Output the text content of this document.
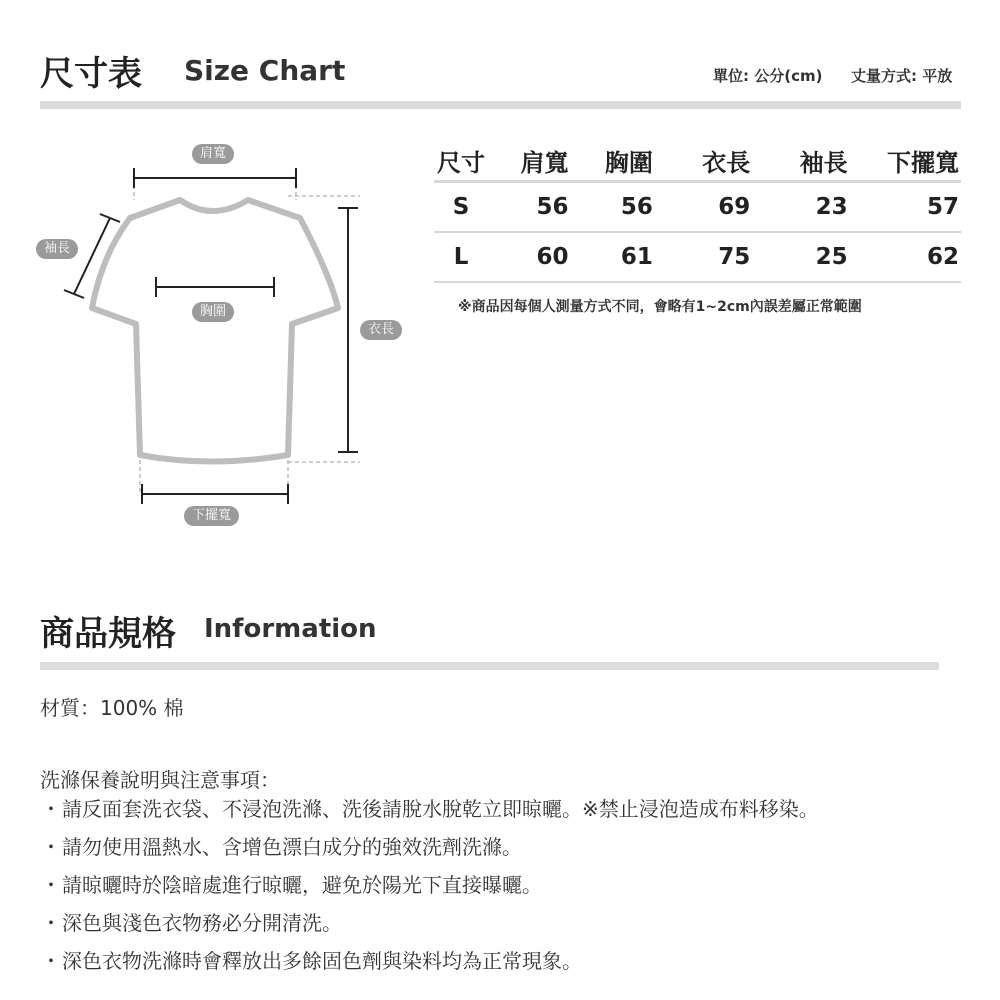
尺寸表 Size Chart	單位: 公分(cm) 丈量方式: 平放
肩寬
袖長
胸圍
衣長
下擺寬
尺寸	肩寬	胸圍	衣長	袖長	下擺寬
S	56	56	69	23	57
L	60	61	75	25	62
※商品因每個人測量方式不同，會略有1~2cm內誤差屬正常範圍
商品規格 Information
材質：100% 棉
洗滌保養說明與注意事項：
・請反面套洗衣袋、不浸泡洗滌、洗後請脫水脫乾立即晾曬。※禁止浸泡造成布料移染。
・請勿使用溫熱水、含增色漂白成分的強效洗劑洗滌。
・請晾曬時於陰暗處進行晾曬，避免於陽光下直接曝曬。
・深色與淺色衣物務必分開清洗。
・深色衣物洗滌時會釋放出多餘固色劑與染料均為正常現象。
